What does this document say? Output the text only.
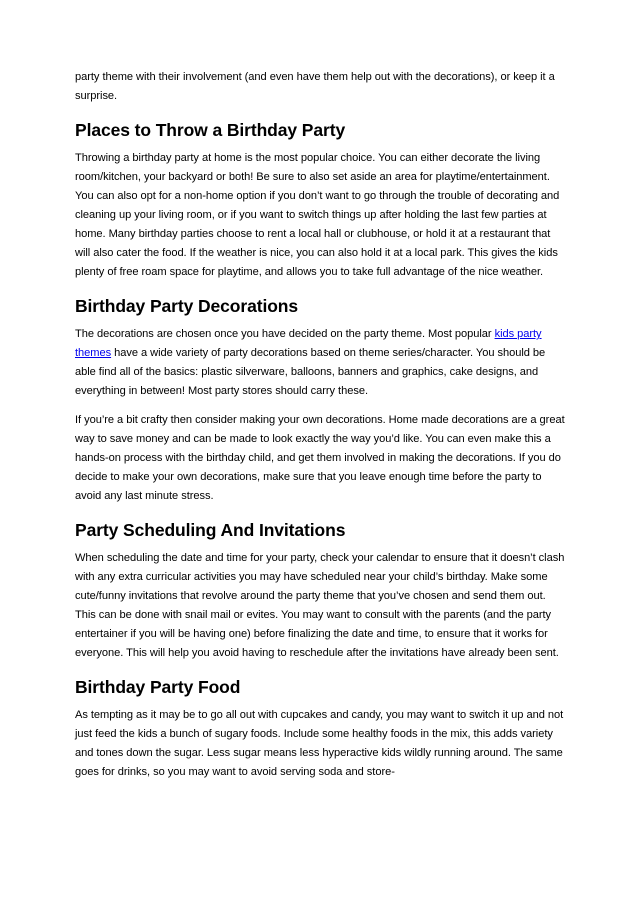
party theme with their involvement (and even have them help out with the decorations), or keep it a surprise.

Places to Throw a Birthday Party

Throwing a birthday party at home is the most popular choice. You can either decorate the living room/kitchen, your backyard or both! Be sure to also set aside an area for playtime/entertainment. You can also opt for a non-home option if you don’t want to go through the trouble of decorating and cleaning up your living room, or if you want to switch things up after holding the last few parties at home. Many birthday parties choose to rent a local hall or clubhouse, or hold it at a restaurant that will also cater the food. If the weather is nice, you can also hold it at a local park. This gives the kids plenty of free roam space for playtime, and allows you to take full advantage of the nice weather.

Birthday Party Decorations

The decorations are chosen once you have decided on the party theme. Most popular kids party themes have a wide variety of party decorations based on theme series/character. You should be able find all of the basics: plastic silverware, balloons, banners and graphics, cake designs, and everything in between! Most party stores should carry these.

If you’re a bit crafty then consider making your own decorations. Home made decorations are a great way to save money and can be made to look exactly the way you’d like. You can even make this a hands-on process with the birthday child, and get them involved in making the decorations. If you do decide to make your own decorations, make sure that you leave enough time before the party to avoid any last minute stress.

Party Scheduling And Invitations

When scheduling the date and time for your party, check your calendar to ensure that it doesn’t clash with any extra curricular activities you may have scheduled near your child’s birthday. Make some cute/funny invitations that revolve around the party theme that you’ve chosen and send them out. This can be done with snail mail or evites. You may want to consult with the parents (and the party entertainer if you will be having one) before finalizing the date and time, to ensure that it works for everyone. This will help you avoid having to reschedule after the invitations have already been sent.

Birthday Party Food

As tempting as it may be to go all out with cupcakes and candy, you may want to switch it up and not just feed the kids a bunch of sugary foods. Include some healthy foods in the mix, this adds variety and tones down the sugar. Less sugar means less hyperactive kids wildly running around. The same goes for drinks, so you may want to avoid serving soda and store-
